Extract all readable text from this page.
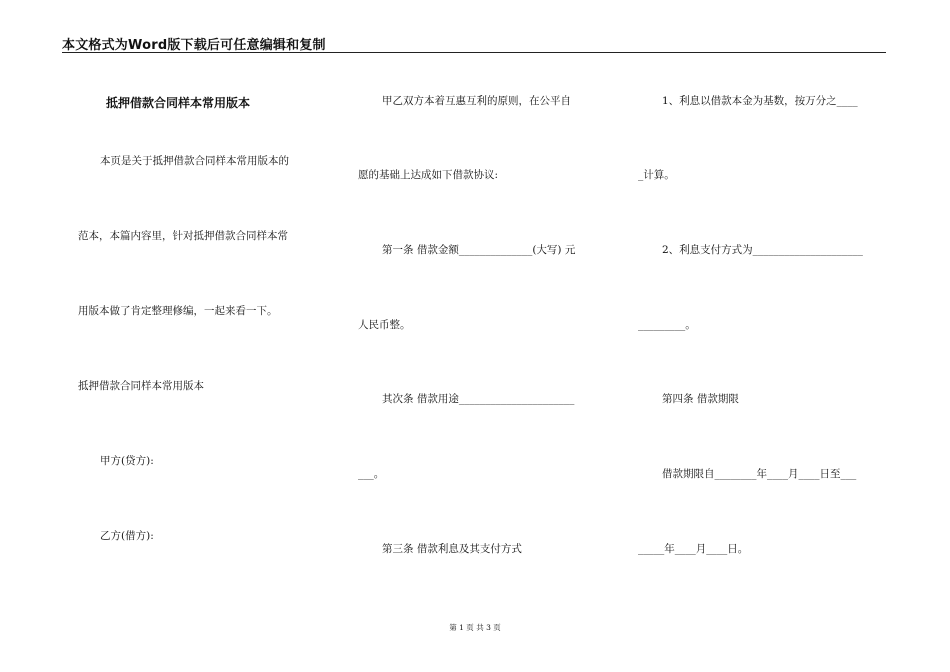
本文格式为Word版下载后可任意编辑和复制
抵押借款合同样本常用版本
本页是关于抵押借款合同样本常用版本的
范本，本篇内容里，针对抵押借款合同样本常
用版本做了肯定整理修编，一起来看一下。
抵押借款合同样本常用版本
甲方(贷方):
乙方(借方):
甲乙双方本着互惠互利的原则，在公平自
愿的基础上达成如下借款协议:
第一条 借款金额______________(大写) 元
人民币整。
其次条 借款用途______________________
___。
第三条 借款利息及其支付方式
1、利息以借款本金为基数，按万分之____
_计算。
2、利息支付方式为_____________________
_________。
第四条 借款期限
借款期限自________年____月____日至___
_____年____月____日。
第 1 页 共 3 页
